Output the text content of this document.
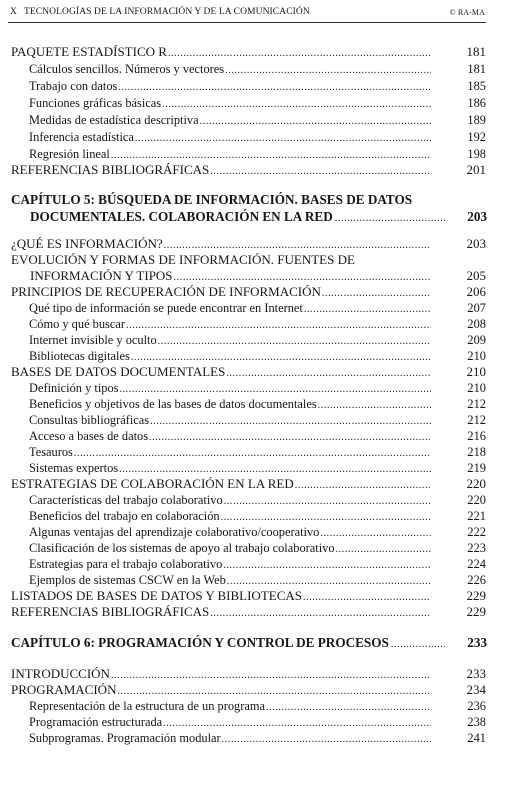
X TECNOLOGÍAS DE LA INFORMACIÓN Y DE LA COMUNICACIÓN	© RA-MA
PAQUETE ESTADÍSTICO R .....	181
Cálculos sencillos. Números y vectores .....	181
Trabajo con datos .....	185
Funciones gráficas básicas .....	186
Medidas de estadística descriptiva .....	189
Inferencia estadística .....	192
Regresión lineal .....	198
REFERENCIAS BIBLIOGRÁFICAS .....	201
CAPÍTULO 5: BÚSQUEDA DE INFORMACIÓN. BASES DE DATOS
DOCUMENTALES. COLABORACIÓN EN LA RED .....	203
¿QUÉ ES INFORMACIÓN? .....	203
EVOLUCIÓN Y FORMAS DE INFORMACIÓN. FUENTES DE
INFORMACIÓN Y TIPOS .....	205
PRINCIPIOS DE RECUPERACIÓN DE INFORMACIÓN .....	206
Qué tipo de información se puede encontrar en Internet .....	207
Cómo y qué buscar .....	208
Internet invisible y oculto .....	209
Bibliotecas digitales .....	210
BASES DE DATOS DOCUMENTALES .....	210
Definición y tipos .....	210
Beneficios y objetivos de las bases de datos documentales .....	212
Consultas bibliográficas .....	212
Acceso a bases de datos .....	216
Tesauros .....	218
Sistemas expertos .....	219
ESTRATEGIAS DE COLABORACIÓN EN LA RED .....	220
Características del trabajo colaborativo .....	220
Beneficios del trabajo en colaboración .....	221
Algunas ventajas del aprendizaje colaborativo/cooperativo .....	222
Clasificación de los sistemas de apoyo al trabajo colaborativo .....	223
Estrategias para el trabajo colaborativo .....	224
Ejemplos de sistemas CSCW en la Web .....	226
LISTADOS DE BASES DE DATOS Y BIBLIOTECAS .....	229
REFERENCIAS BIBLIOGRÁFICAS .....	229
CAPÍTULO 6: PROGRAMACIÓN Y CONTROL DE PROCESOS .....	233
INTRODUCCIÓN .....	233
PROGRAMACIÓN .....	234
Representación de la estructura de un programa .....	236
Programación estructurada .....	238
Subprogramas. Programación modular .....	241
